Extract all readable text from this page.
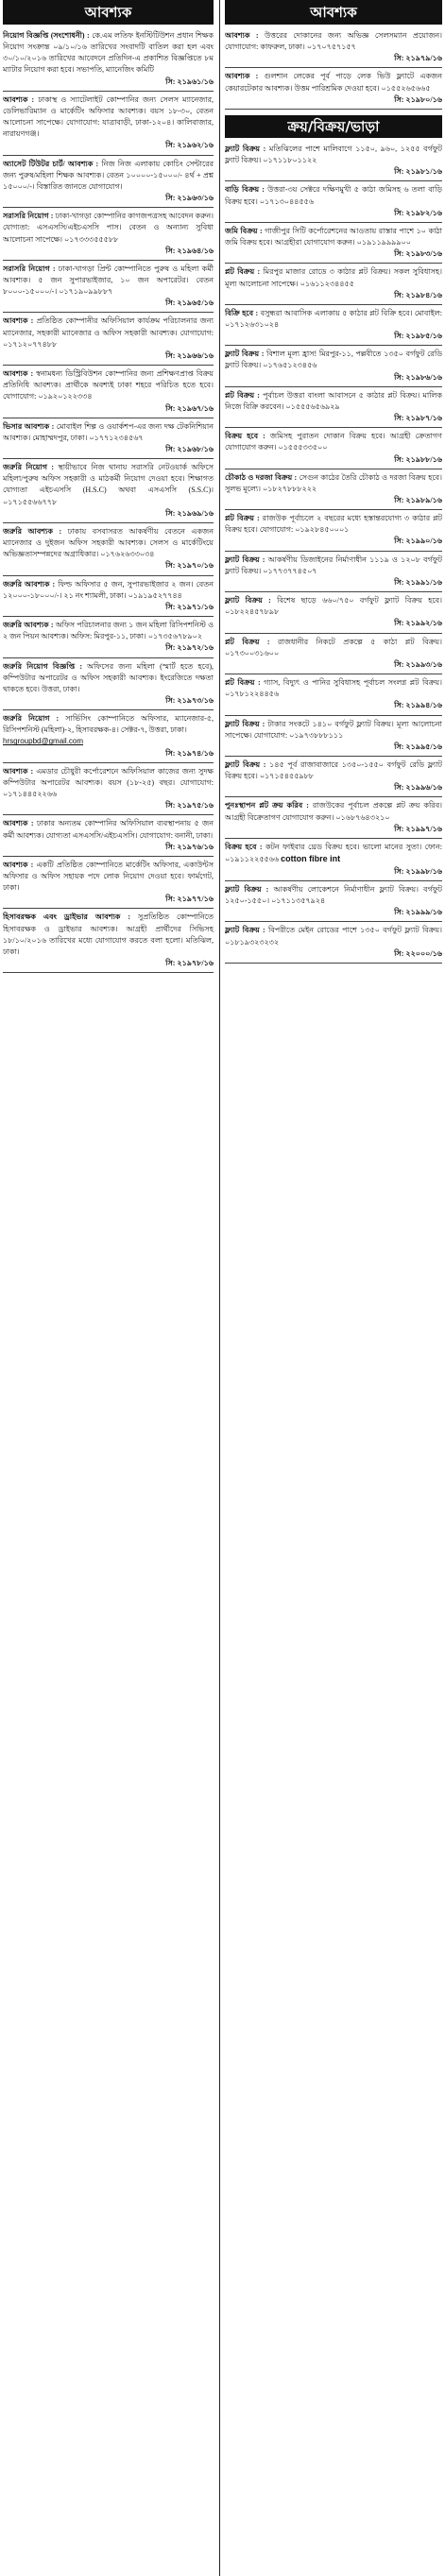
আবশ্যক
নিয়োগ বিজ্ঞপ্তি (সংশোধনী) : কে.এম লতিফ ইনস্টিটিউশন প্রধান শিক্ষক নিয়োগ সংক্রান্ত ০৯/১০/১৬ তারিখের সংবাদটি বাতিল করা হল এবং ৩০/১০/২০১৬ তারিখের আবেদনে প্রতিদিন-এ প্রকাশিত বিজ্ঞপ্তিতে ৮ম ম্যাটার নিয়োগ করা হবে। সভাপতি, ম্যানেজিং কমিটি
সি: ২১৯৬১/১৬
আবশ্যক : ঢাকাস্থ ও স্যাটেলাইট কোম্পানির জন্য সেলস ম্যানেজার, ডেলিভারিম্যান ও মার্কেটিং অফিসার আবশ্যক। বয়স ১৮-৩০, বেতন আলোচনা সাপেক্ষে। যোগাযোগ: যাত্রাবাড়ী, ঢাকা-১২০৪। কালিবাজার, নারায়ণগঞ্জ।
সি: ২১৯৬২/১৬
অ্যাসেট টিউটর চার্ট/ আবশ্যক : নিজ নিজ এলাকায় কোচিং সেন্টারের জন্য পুরুষ/মহিলা শিক্ষক আবশ্যক। বেতন ১০০০০-১৫০০০/- ৪র্থ + প্রশ্ন ১৫০০০/-। বিস্তারিত জানতে যোগাযোগ।
সি: ২১৯৬৩/১৬
সরাসরি নিয়োগ : ঢাকা-খাগড়া কোম্পানির কাগজপত্রসহ আবেদন করুন। যোগ্যতা: এসএসসি/এইচএসসি পাস। বেতন ও অন্যান্য সুবিধা আলোচনা সাপেক্ষে। ০১৭৩৩৩৫৫৫৮৮
সি: ২১৯৬৪/১৬
সরাসরি নিয়োগ : ঢাকা-খাগড়া প্রিন্ট কোম্পানিতে পুরুষ ও মহিলা কর্মী আবশ্যক। ৫ জন সুপারভাইজার, ১০ জন অপারেটর। বেতন ৮০০০-১৫০০০/-। ০১৭১৯০৯৯৮৮৭
সি: ২১৯৬৫/১৬
আবশ্যক : প্রতিষ্ঠিত কোম্পানীর অফিসিয়াল কার্যক্রম পরিচালনার জন্য ম্যানেজার, সহকারী ম্যানেজার ও অফিস সহকারী আবশ্যক। যোগাযোগ: ০১৭১২০৭৭৪৮৮
সি: ২১৯৬৬/১৬
আবশ্যক : স্বনামধন্য ডিস্ট্রিবিউশন কোম্পানির জন্য প্রশিক্ষণপ্রাপ্ত বিক্রয় প্রতিনিধি আবশ্যক। প্রার্থীকে অবশ্যই ঢাকা শহরে পরিচিত হতে হবে। যোগাযোগ: ০১৯২০১২২৩৩৪
সি: ২১৯৬৭/১৬
ভিসার আবশ্যক : মোবাইল শিল্প ও ওয়ার্কশপ-এর জন্য দক্ষ টেকনিশিয়ান আবশ্যক। মোহাম্মদপুর, ঢাকা। ০১৭৭১২৩৪৫৬৭
সি: ২১৯৬৮/১৬
জরুরি নিয়োগ : স্থায়ীভাবে নিজ থানায় সরাসরি নেটওয়ার্ক অফিসে মহিলা/পুরুষ অফিস সহকারী ও মাঠকর্মী নিয়োগ দেওয়া হবে। শিক্ষাগত যোগ্যতা এইচএসসি (H.S.C) অথবা এসএসসি (S.S.C)। ০১৭১৫৫৬৬৭৭৮
সি: ২১৯৬৯/১৬
জরুরি আবশ্যক : ঢাকায় বসবাসরত আকর্ষণীয় বেতনে একজন ম্যানেজার ও দুইজন অফিস সহকারী আবশ্যক। সেলস ও মার্কেটিংয়ে অভিজ্ঞতাসম্পন্নদের অগ্রাধিকার। ০১৭৬২৬৩৩০৩৪
সি: ২১৯৭০/১৬
জরুরি আবশ্যক : ফিল্ড অফিসার ৫ জন, সুপারভাইজার ২ জন। বেতন ১২০০০-১৮০০০/-। ২১ নং শ্যামলী, ঢাকা। ০১৯১৯৫২৭৭৪৪
সি: ২১৯৭১/১৬
জরুরি আবশ্যক : অফিস পরিচালনার জন্য ১ জন মহিলা রিসিপশনিস্ট ও ২ জন পিয়ন আবশ্যক। অফিস: মিরপুর-১১, ঢাকা। ০১৭৩৫৬৭৮৯০২
সি: ২১৯৭২/১৬
জরুরি নিয়োগ বিজ্ঞপ্তি : অফিসের জন্য মহিলা (স্মার্ট হতে হবে), কম্পিউটার অপারেটর ও অফিস সহকারী আবশ্যক। ইংরেজিতে দক্ষতা থাকতে হবে। উত্তরা, ঢাকা।
সি: ২১৯৭৩/১৬
জরুরি নিয়োগ : সার্ভিসিং কোম্পানিতে অফিসার, ম্যানেজার-৫, রিসিপশনিস্ট (মহিলা)-২, হিসাবরক্ষক-৪। সেক্টর-৭, উত্তরা, ঢাকা।
hrsgroupbd@gmail.com
সি: ২১৯৭৪/১৬
আবশ্যক : এমডার চৌধুরী কর্পোরেশনে অফিসিয়াল কাজের জন্য সুদক্ষ কম্পিউটার অপারেটর আবশ্যক। বয়স (১৮-২৫) বছর। যোগাযোগ: ০১৭১৪৪৫২২৬৬
সি: ২১৯৭৫/১৬
আবশ্যক : ঢাকার অন্যতম কোম্পানির অফিসিয়াল ব্যবস্থাপনায় ৫ জন কর্মী আবশ্যক। যোগ্যতা এসএসসি/এইচএসসি। যোগাযোগ: বনানী, ঢাকা।
সি: ২১৯৭৬/১৬
আবশ্যক : একটি প্রতিষ্ঠিত কোম্পানিতে মার্কেটিং অফিসার, একাউন্টস অফিসার ও অফিস সহায়ক পদে লোক নিয়োগ দেওয়া হবে। ফার্মগেট, ঢাকা।
সি: ২১৯৭৭/১৬
হিসাবরক্ষক এবং ড্রাইভার আবশ্যক : সুপ্রতিষ্ঠিত কোম্পানিতে হিসাবরক্ষক ও ড্রাইভার আবশ্যক। আগ্রহী প্রার্থীদের সিভিসহ ১৮/১০/২০১৬ তারিখের মধ্যে যোগাযোগ করতে বলা হলো। মতিঝিল, ঢাকা।
সি: ২১৯৭৮/১৬
আবশ্যক
আবশ্যক : উত্তরের দোকানের জন্য অভিজ্ঞ সেলসম্যান প্রয়োজন। যোগাযোগ: কাফরুল, ঢাকা। ০১৭০৭৫৭১৫৭
সি: ২১৯৭৯/১৬
আবশ্যক : গুলশান লেকের পূর্ব পাড়ে লেক ভিউ ফ্ল্যাটে একজন কেয়ারটেকার আবশ্যক। উত্তম পারিশ্রমিক দেওয়া হবে। ০১৫৫২৬৫৬৬৫
সি: ২১৯৮০/১৬
ক্রয়/বিক্রয়/ভাড়া
ফ্ল্যাট বিক্রয় : মতিঝিলের পাশে মালিবাগে ১১৫০, ৯৬০, ১২৫৫ বর্গফুট ফ্ল্যাট বিক্রয়। ০১৭১১৮০১১২২
সি: ২১৯৮১/১৬
বাড়ি বিক্রয় : উত্তরা-৩য় সেক্টরে দক্ষিণমুখী ৫ কাঠা জমিসহ ৬ তলা বাড়ি বিক্রয় হবে। ০১৭১৩০৪৪৫৫৬
সি: ২১৯৮২/১৬
জমি বিক্রয় : গাজীপুর সিটি কর্পোরেশনের আওতায় রাস্তার পাশে ১০ কাঠা জমি বিক্রয় হবে। আগ্রহীরা যোগাযোগ করুন। ০১৯১১৯৯৯৯০০
সি: ২১৯৮৩/১৬
প্লট বিক্রয় : মিরপুর মাজার রোডে ৩ কাঠার প্লট বিক্রয়। সকল সুবিধাসহ। মূল্য আলোচনা সাপেক্ষে। ০১৬১১২৩৪৪৫৫
সি: ২১৯৮৪/১৬
বিক্রি হবে : বসুন্ধরা আবাসিক এলাকায় ৫ কাঠার প্লট বিক্রি হবে। মোবাইল: ০১৭১২৬৩১০২৪
সি: ২১৯৮৫/১৬
ফ্ল্যাট বিক্রয় : বিশাল মূল্য হ্রাস! মিরপুর-১১, পল্লবীতে ১৩৫০ বর্গফুট রেডি ফ্ল্যাট বিক্রয়। ০১৭৬৫১২৩৪৫৬
সি: ২১৯৮৬/১৬
প্লট বিক্রয় : পূর্বাচল উত্তরা বাংলা আবাসনে ৫ কাঠার প্লট বিক্রয়। মালিক নিজে বিক্রি করবেন। ০১৫৫৫৬৫৬৯২৯
সি: ২১৯৮৭/১৬
বিক্রয় হবে : জমিসহ পুরাতন দোকান বিক্রয় হবে। আগ্রহী ক্রেতাগণ যোগাযোগ করুন। ০১৫৫৫৩৩৫০০
সি: ২১৯৮৮/১৬
চৌকাঠ ও দরজা বিক্রয় : সেগুন কাঠের তৈরি চৌকাঠ ও দরজা বিক্রয় হবে। সুলভ মূল্যে। ০১৮২৭৮৮৮২২২
সি: ২১৯৮৯/১৬
প্লট বিক্রয় : রাজউক পূর্বাচলে ২ বছরের মধ্যে হস্তান্তরযোগ্য ৩ কাঠার প্লট বিক্রয় হবে। যোগাযোগ: ০১৯২৮৪৫০০০১
সি: ২১৯৯০/১৬
ফ্ল্যাট বিক্রয় : আকর্ষণীয় ডিজাইনের নির্মাণাধীন ১১১৯ ও ১২০৮ বর্গফুট ফ্ল্যাট বিক্রয়। ০১৭৭৩৭৭৪৫০৭
সি: ২১৯৯১/১৬
ফ্ল্যাট বিক্রয় : বিশেষ ছাড়ে ৬৬০/৭৫০ বর্গফুট ফ্ল্যাট বিক্রয় হবে। ০১৮২২৪৫৭৮৯৮
সি: ২১৯৯২/১৬
প্লট বিক্রয় : রাজধানীর নিকটে প্রকল্পে ৫ কাঠা প্লট বিক্রয়। ০১৭৩০০৩১৬০০
সি: ২১৯৯৩/১৬
প্লট বিক্রয় : গ্যাস, বিদ্যুৎ ও পানির সুবিধাসহ পূর্বাচল সংলগ্ন প্লট বিক্রয়। ০১৭৮১২২৪৪৫৬
সি: ২১৯৯৪/১৬
ফ্ল্যাট বিক্রয় : টাকার সংকটে ১৪১০ বর্গফুট ফ্ল্যাট বিক্রয়। মূল্য আলোচনা সাপেক্ষে। যোগাযোগ: ০১৯৭৩৮৮৮১১১
সি: ২১৯৯৫/১৬
ফ্ল্যাট বিক্রয় : ১৪৫ পূর্ব রাজাবাজারে ১৩৫০-১৫৫০ বর্গফুট রেডি ফ্ল্যাট বিক্রয় হবে। ০১৭১৫৪৫৫৯৮৮
সি: ২১৯৯৬/১৬
পুনঃস্থাপন প্লট ক্রয় করিব : রাজউকের পূর্বাচল প্রকল্পে প্লট ক্রয় করিব। আগ্রহী বিক্রেতাগণ যোগাযোগ করুন। ০১৬৮৭৬৪৩২১০
সি: ২১৯৯৭/১৬
বিক্রয় হবে : কটন ফাইবার থ্রেড বিক্রয় হবে। ভালো মানের সুতা। ফোন: ০১৯১১২২৫৫৬৬ cotton fibre int
সি: ২১৯৯৮/১৬
ফ্ল্যাট বিক্রয় : আকর্ষণীয় লোকেশনে নির্মাণাধীন ফ্ল্যাট বিক্রয়। বর্গফুট ১২৫০-১৫৫০। ০১৭১১৩৫৭৯২৪
সি: ২১৯৯৯/১৬
ফ্ল্যাট বিক্রয় : বিপরীতে মেইন রোডের পাশে ১৩৫০ বর্গফুট ফ্ল্যাট বিক্রয়। ০১৮১৯৩২৩২৩২
সি: ২২০০০/১৬
